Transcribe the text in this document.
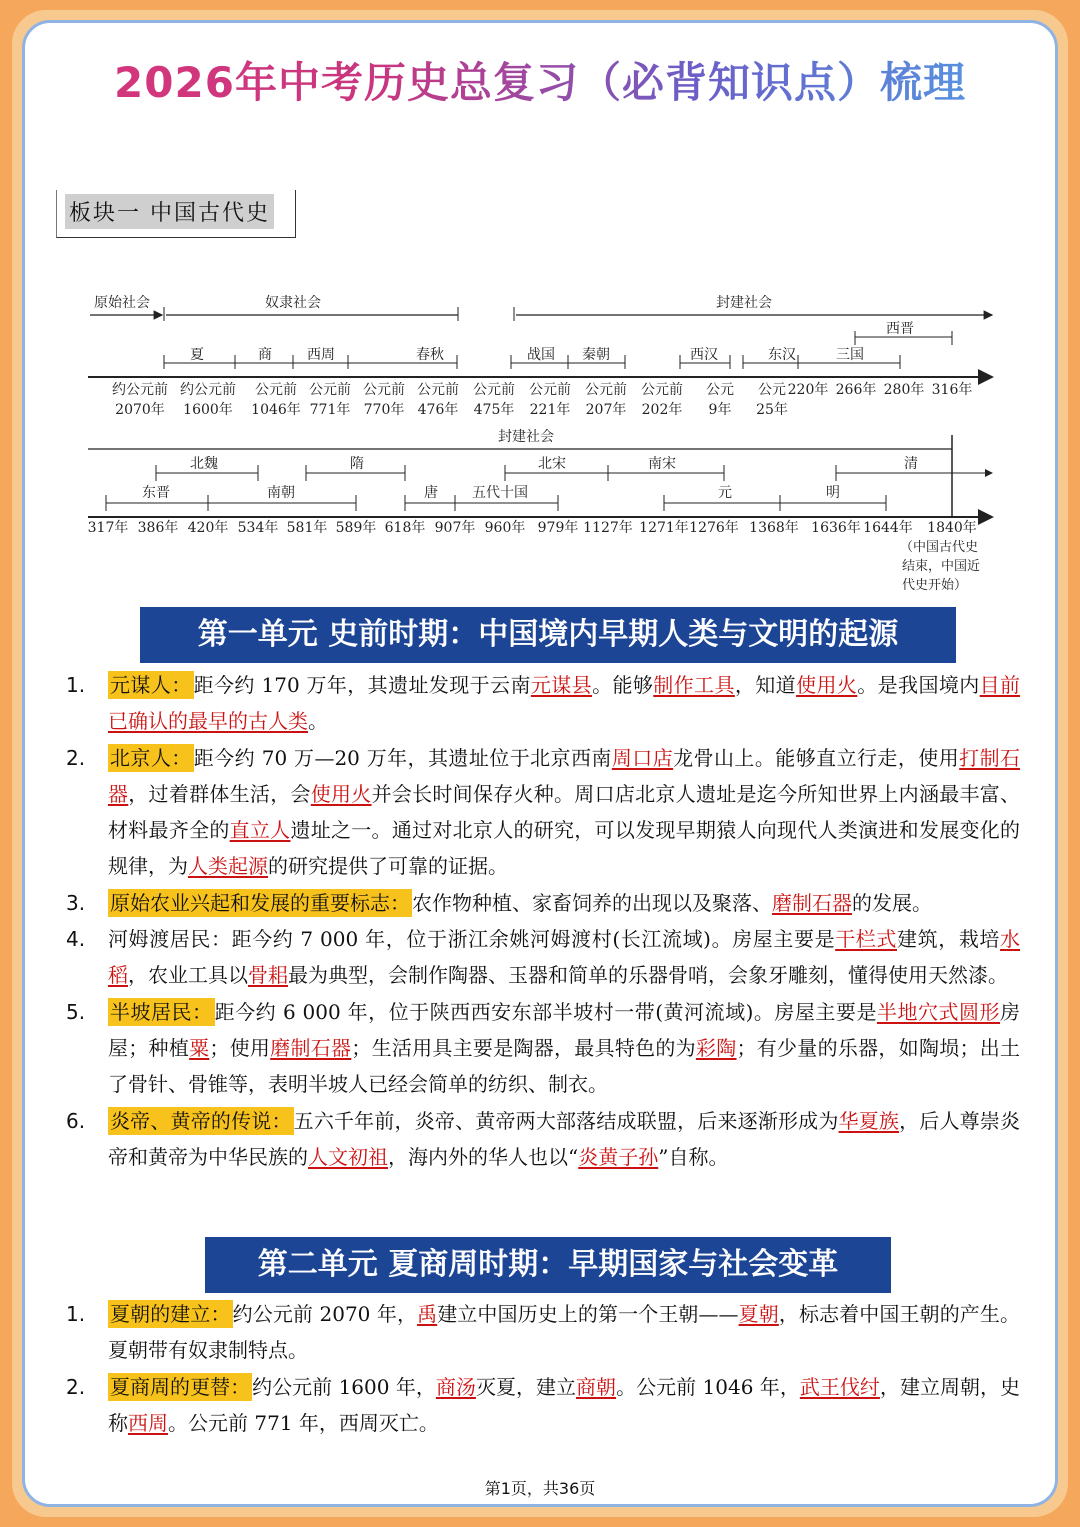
2026年中考历史总复习（必背知识点）梳理
板块一 中国古代史
原始社会	奴隶社会	封建社会
西晋
夏	商	西周	春秋	战国 秦朝	西汉	东汉	三国
约公元前
2070年
约公元前
1600年
公元前
1046年
公元前
771年
公元前
770年
公元前
476年
公元前
475年
公元前
221年
公元前
207年
公元前
202年
公元
9年
公元
25年
220年 266年 280年 316年
封建社会
北魏	隋	北宋	南宋	清
东晋	南朝	唐 五代十国	元	明
317年 386年 420年 534年 581年 589年 618年 907年 960年 979年 1127年 1271年 1276年 1368年 1636年 1644年 1840年
（中国古代史
结束，中国近
代史开始）
第一单元 史前时期：中国境内早期人类与文明的起源
1. 元谋人： 距今约 170 万年，其遗址发现于云南元谋县。能够制作工具，知道使用火。是我国境内目前已确认的最早的古人类。
2. 北京人： 距今约 70 万—20 万年，其遗址位于北京西南周口店龙骨山上。能够直立行走，使用打制石器，过着群体生活，会使用火并会长时间保存火种。周口店北京人遗址是迄今所知世界上内涵最丰富、材料最齐全的直立人遗址之一。通过对北京人的研究，可以发现早期猿人向现代人类演进和发展变化的规律，为人类起源的研究提供了可靠的证据。
3. 原始农业兴起和发展的重要标志： 农作物种植、家畜饲养的出现以及聚落、磨制石器的发展。
4. 河姆渡居民：距今约 7 000 年，位于浙江余姚河姆渡村(长江流域)。房屋主要是干栏式建筑，栽培水稻，农业工具以骨耜最为典型，会制作陶器、玉器和简单的乐器骨哨，会象牙雕刻，懂得使用天然漆。
5. 半坡居民： 距今约 6 000 年，位于陕西西安东部半坡村一带(黄河流域)。房屋主要是半地穴式圆形房屋；种植粟；使用磨制石器；生活用具主要是陶器，最具特色的为彩陶；有少量的乐器，如陶埙；出土了骨针、骨锥等，表明半坡人已经会简单的纺织、制衣。
6. 炎帝、黄帝的传说： 五六千年前，炎帝、黄帝两大部落结成联盟，后来逐渐形成为华夏族，后人尊崇炎帝和黄帝为中华民族的人文初祖，海内外的华人也以“炎黄子孙”自称。
第二单元 夏商周时期：早期国家与社会变革
1. 夏朝的建立： 约公元前 2070 年，禹建立中国历史上的第一个王朝——夏朝，标志着中国王朝的产生。夏朝带有奴隶制特点。
2. 夏商周的更替： 约公元前 1600 年，商汤灭夏，建立商朝。公元前 1046 年，武王伐纣，建立周朝，史称西周。公元前 771 年，西周灭亡。
第1页，共36页
